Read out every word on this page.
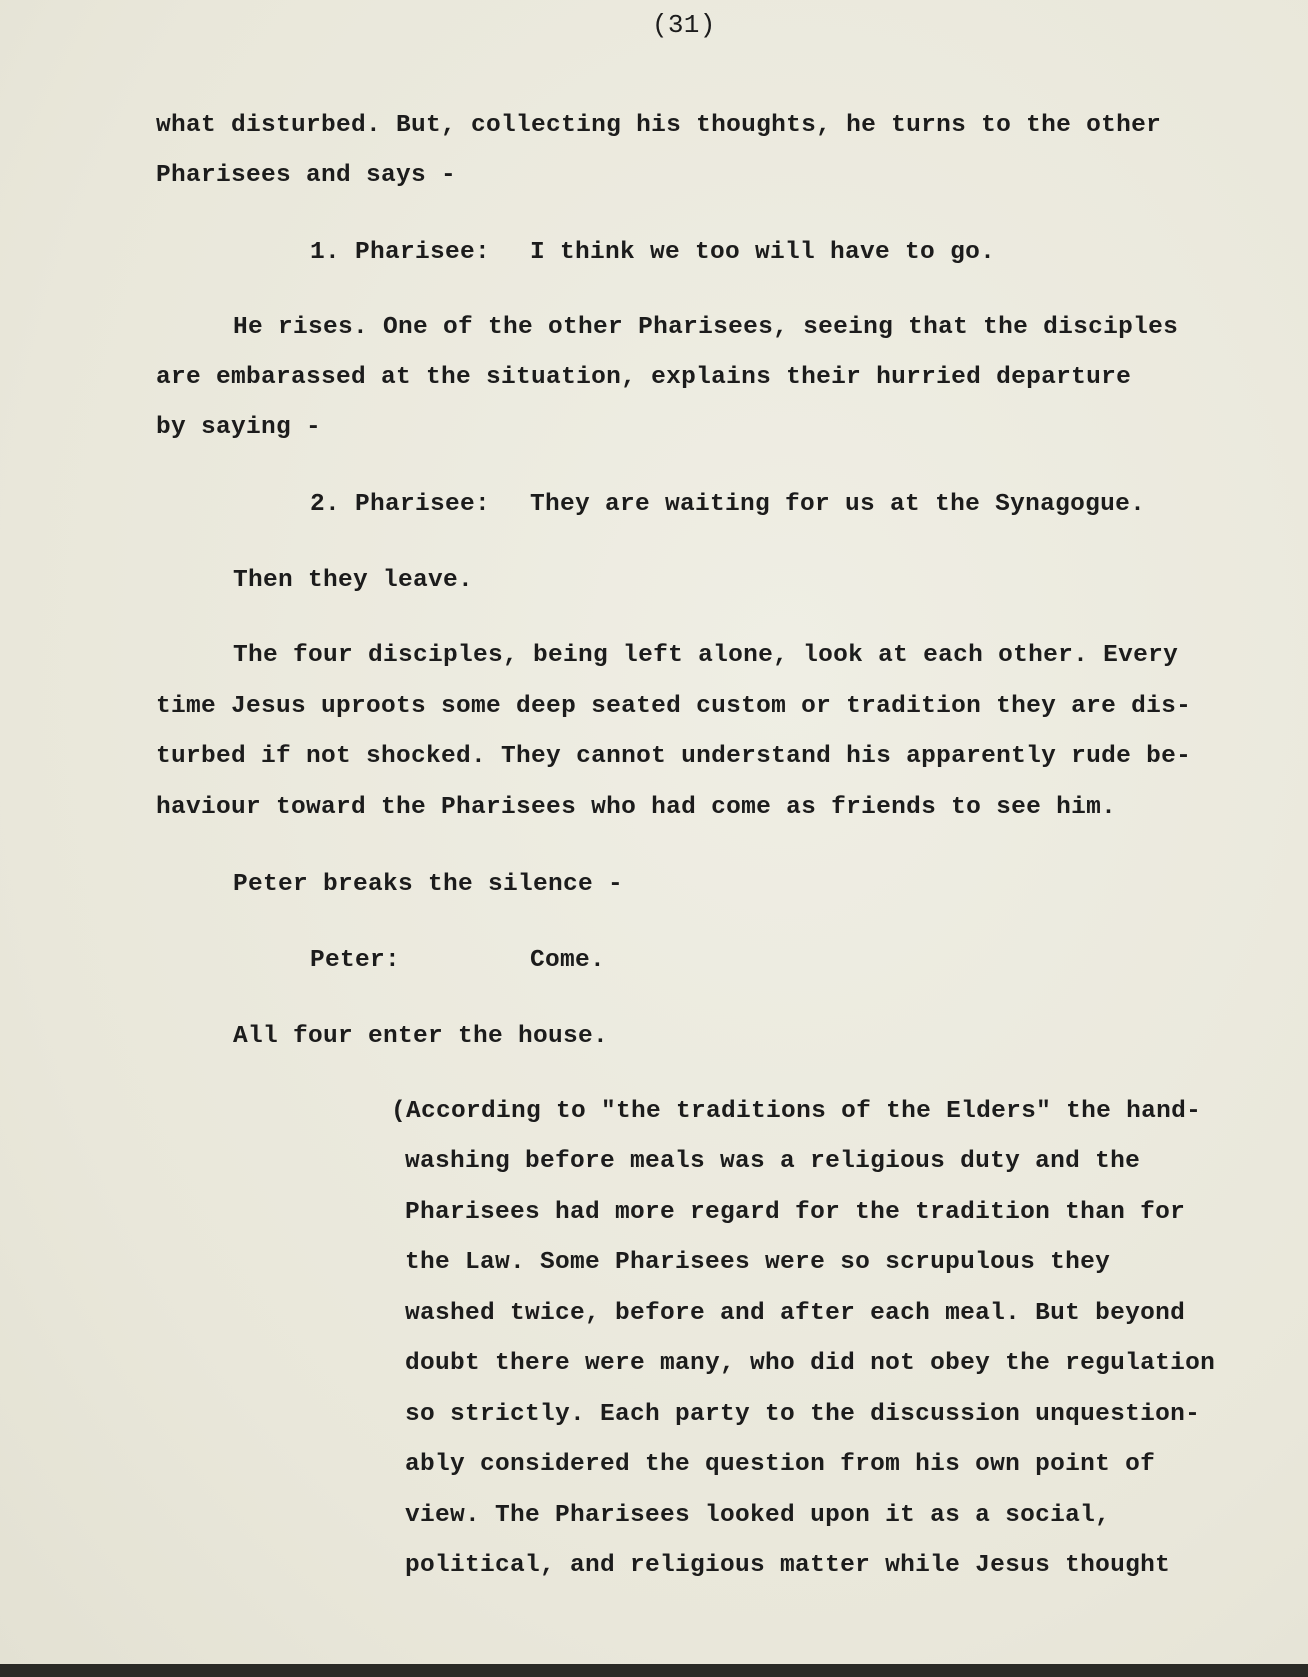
(31)
what disturbed. But, collecting his thoughts, he turns to the other
Pharisees and says -
1. Pharisee: I think we too will have to go.
He rises. One of the other Pharisees, seeing that the disciples
are embarassed at the situation, explains their hurried departure
by saying -
2. Pharisee: They are waiting for us at the Synagogue.
Then they leave.
The four disciples, being left alone, look at each other. Every
time Jesus uproots some deep seated custom or tradition they are dis-
turbed if not shocked. They cannot understand his apparently rude be-
haviour toward the Pharisees who had come as friends to see him.
Peter breaks the silence -
Peter:	Come.
All four enter the house.
(According to "the traditions of the Elders" the hand-
washing before meals was a religious duty and the
Pharisees had more regard for the tradition than for
the Law. Some Pharisees were so scrupulous they
washed twice, before and after each meal. But beyond
doubt there were many, who did not obey the regulation
so strictly. Each party to the discussion unquestion-
ably considered the question from his own point of
view. The Pharisees looked upon it as a social,
political, and religious matter while Jesus thought
